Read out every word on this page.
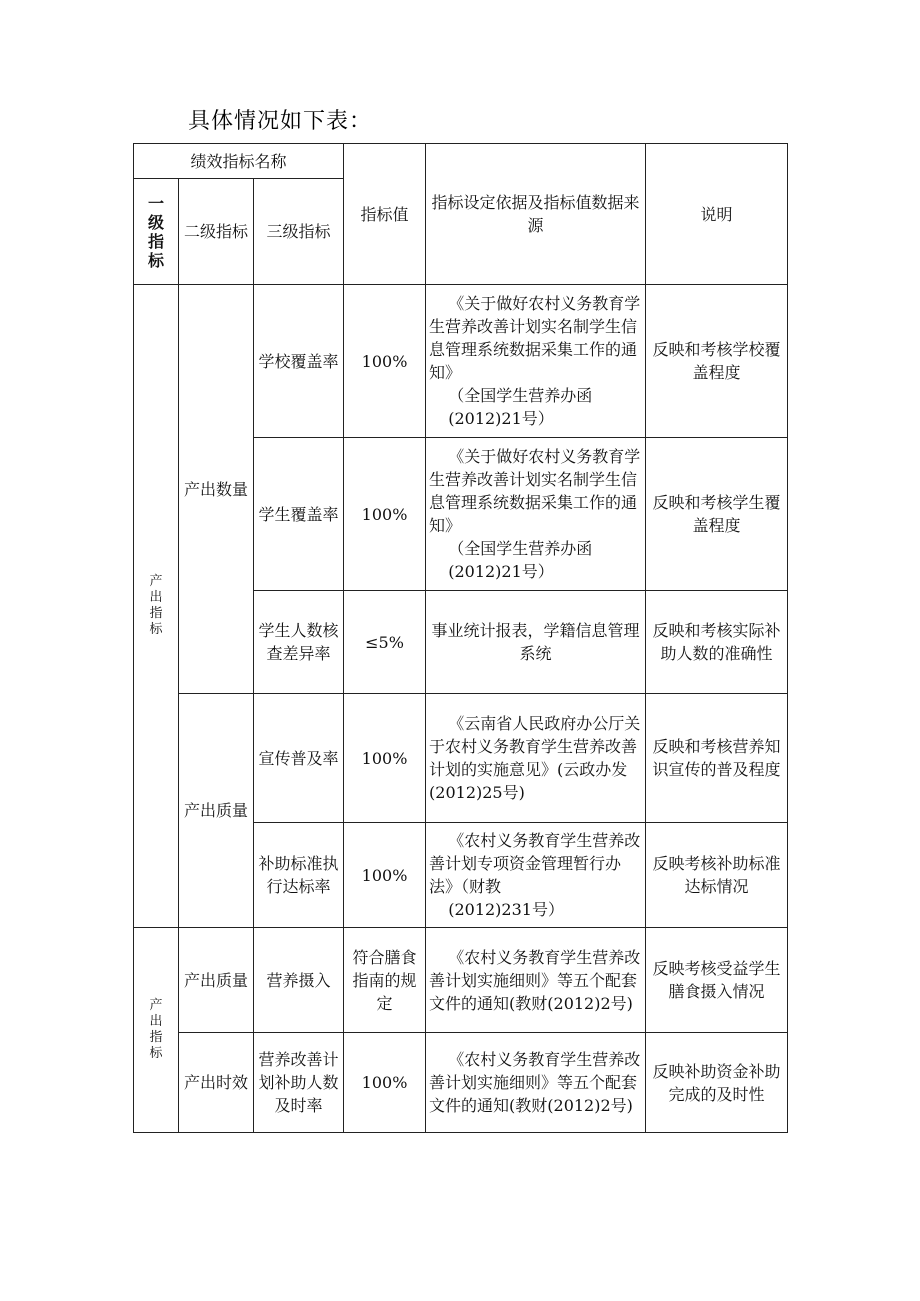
具体情况如下表：
绩效指标名称			指标值	指标设定依据及指标值数据来源	说明

一级指标	二级指标	三级指标			

产出指标	产出数量	学校覆盖率	100%	《关于做好农村义务教育学生营养改善计划实名制学生信息管理系统数据采集工作的通知》
（全国学生营养办函
(2012)21号）	反映和考核学校覆盖程度
		学生覆盖率	100%	《关于做好农村义务教育学生营养改善计划实名制学生信息管理系统数据采集工作的通知》
（全国学生营养办函
(2012)21号）	反映和考核学生覆盖程度
		学生人数核查差异率	≤5%	事业统计报表，学籍信息管理系统	反映和考核实际补助人数的准确性
	产出质量	宣传普及率	100%	《云南省人民政府办公厅关于农村义务教育学生营养改善计划的实施意见》(云政办发(2012)25号)	反映和考核营养知识宣传的普及程度
		补助标准执行达标率	100%	《农村义务教育学生营养改善计划专项资金管理暂行办法》（财教
(2012)231号）	反映考核补助标准达标情况

产出指标	产出质量	营养摄入	符合膳食指南的规定	《农村义务教育学生营养改善计划实施细则》等五个配套文件的通知(教财(2012)2号)	反映考核受益学生膳食摄入情况
	产出时效	营养改善计划补助人数及时率	100%	《农村义务教育学生营养改善计划实施细则》等五个配套文件的通知(教财(2012)2号)	反映补助资金补助完成的及时性
